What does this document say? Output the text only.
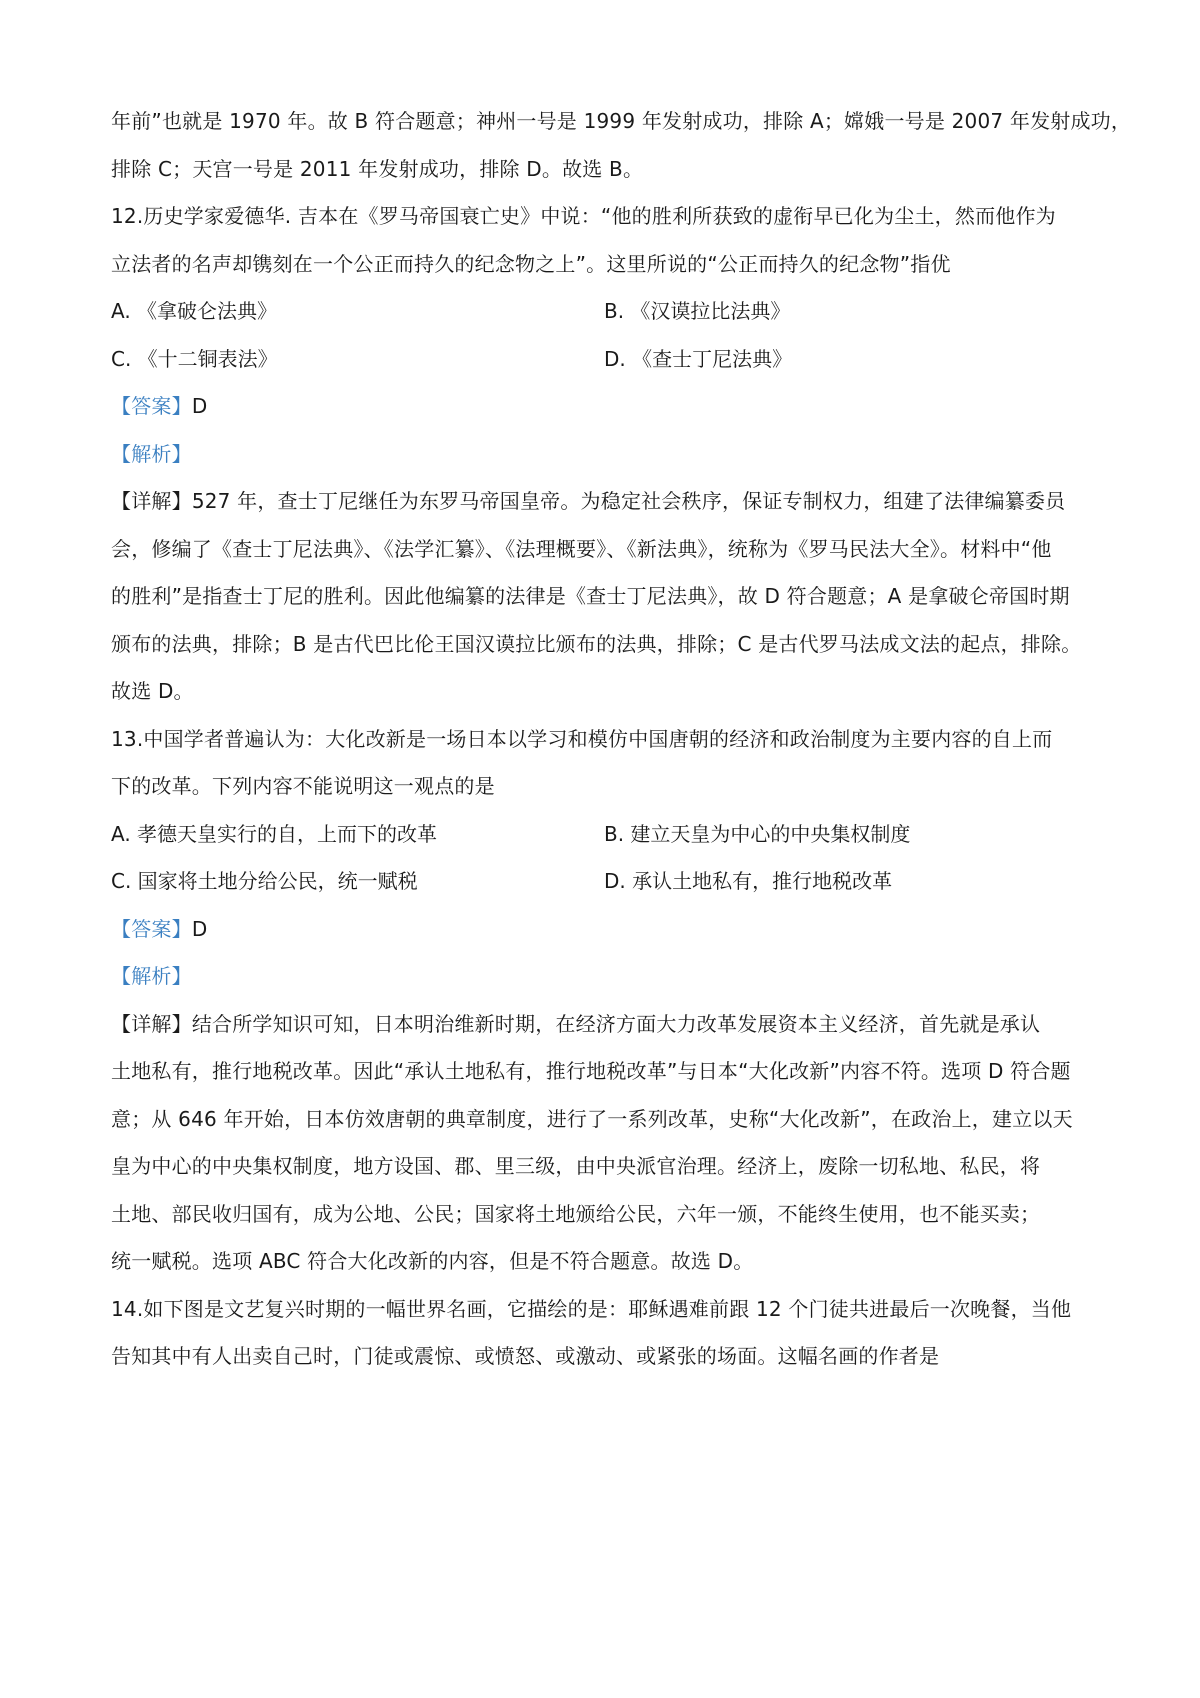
年前”也就是 1970 年。故 B 符合题意；神州一号是 1999 年发射成功，排除 A；嫦娥一号是 2007 年发射成功，
排除 C；天宫一号是 2011 年发射成功，排除 D。故选 B。
12.历史学家爱德华. 吉本在《罗马帝国衰亡史》中说：“他的胜利所获致的虚衔早已化为尘土，然而他作为
立法者的名声却镌刻在一个公正而持久的纪念物之上”。这里所说的“公正而持久的纪念物”指优
A. 《拿破仑法典》	B. 《汉谟拉比法典》
C. 《十二铜表法》	D. 《查士丁尼法典》
【答案】D
【解析】
【详解】527 年，查士丁尼继任为东罗马帝国皇帝。为稳定社会秩序，保证专制权力，组建了法律编纂委员
会，修编了《查士丁尼法典》、《法学汇纂》、《法理概要》、《新法典》，统称为《罗马民法大全》。材料中“他
的胜利”是指查士丁尼的胜利。因此他编纂的法律是《查士丁尼法典》，故 D 符合题意；A 是拿破仑帝国时期
颁布的法典，排除；B 是古代巴比伦王国汉谟拉比颁布的法典，排除；C 是古代罗马法成文法的起点，排除。
故选 D。
13.中国学者普遍认为：大化改新是一场日本以学习和模仿中国唐朝的经济和政治制度为主要内容的自上而
下的改革。下列内容不能说明这一观点的是
A. 孝德天皇实行的自，上而下的改革	B. 建立天皇为中心的中央集权制度
C. 国家将土地分给公民，统一赋税	D. 承认土地私有，推行地税改革
【答案】D
【解析】
【详解】结合所学知识可知，日本明治维新时期，在经济方面大力改革发展资本主义经济，首先就是承认
土地私有，推行地税改革。因此“承认土地私有，推行地税改革”与日本“大化改新”内容不符。选项 D 符合题
意；从 646 年开始，日本仿效唐朝的典章制度，进行了一系列改革，史称“大化改新”，在政治上，建立以天
皇为中心的中央集权制度，地方设国、郡、里三级，由中央派官治理。经济上，废除一切私地、私民，将
土地、部民收归国有，成为公地、公民；国家将土地颁给公民，六年一颁，不能终生使用，也不能买卖；
统一赋税。选项 ABC 符合大化改新的内容，但是不符合题意。故选 D。
14.如下图是文艺复兴时期的一幅世界名画，它描绘的是：耶稣遇难前跟 12 个门徒共进最后一次晚餐，当他
告知其中有人出卖自己时，门徒或震惊、或愤怒、或激动、或紧张的场面。这幅名画的作者是
